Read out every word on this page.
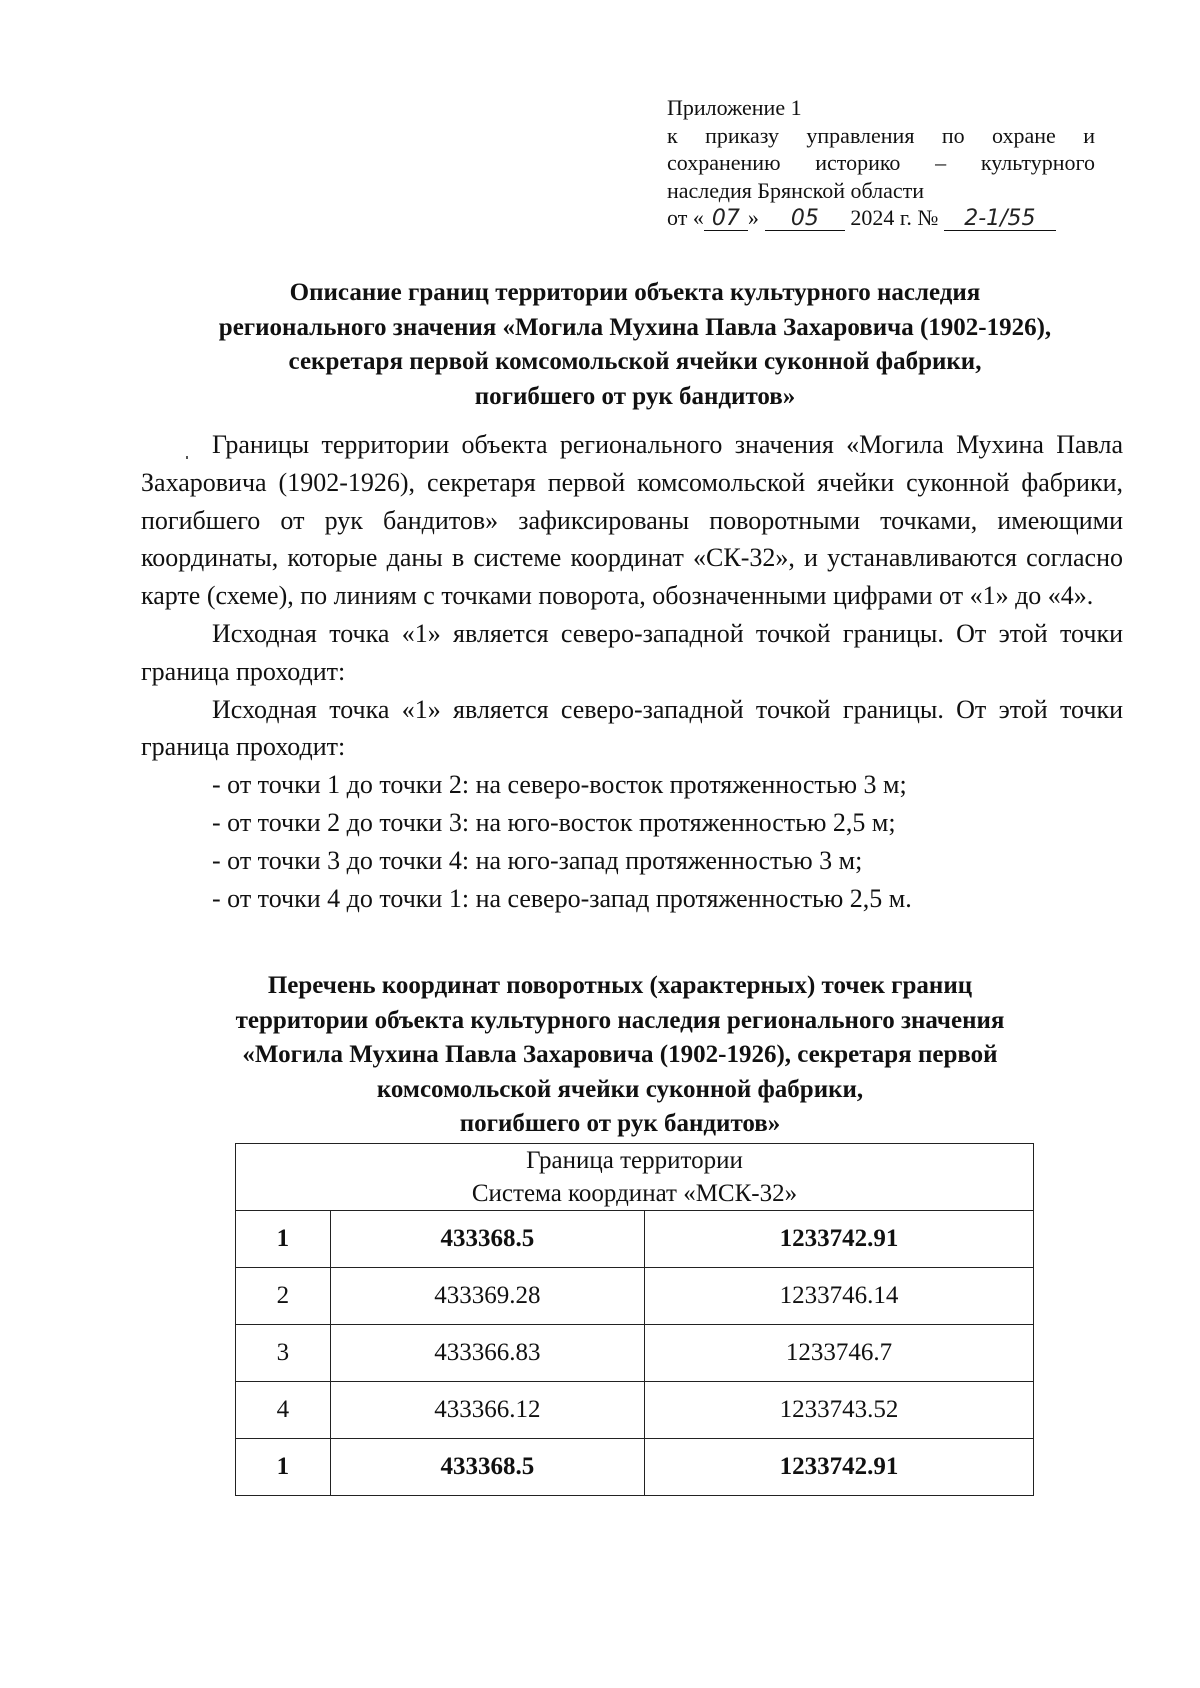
Приложение 1
к приказу управления по охране и
сохранению историко – культурного
наследия Брянской области
от « 07 » 05 2024 г. № 2-1/55
Описание границ территории объекта культурного наследия
регионального значения «Могила Мухина Павла Захаровича (1902-1926),
секретаря первой комсомольской ячейки суконной фабрики,
погибшего от рук бандитов»

Границы территории объекта регионального значения «Могила Мухина Павла Захаровича (1902-1926), секретаря первой комсомольской ячейки суконной фабрики, погибшего от рук бандитов» зафиксированы поворотными точками, имеющими координаты, которые даны в системе координат «СК-32», и устанавливаются согласно карте (схеме), по линиям с точками поворота, обозначенными цифрами от «1» до «4».

Исходная точка «1» является северо-западной точкой границы. От этой точки граница проходит:

Исходная точка «1» является северо-западной точкой границы. От этой точки граница проходит:

- от точки 1 до точки 2: на северо-восток протяженностью 3 м;

- от точки 2 до точки 3: на юго-восток протяженностью 2,5 м;

- от точки 3 до точки 4: на юго-запад протяженностью 3 м;

- от точки 4 до точки 1: на северо-запад протяженностью 2,5 м.

Перечень координат поворотных (характерных) точек границ
территории объекта культурного наследия регионального значения
«Могила Мухина Павла Захаровича (1902-1926), секретаря первой
комсомольской ячейки суконной фабрики,
погибшего от рук бандитов»
Граница территории
Система координат «МСК-32»		
1	433368.5	1233742.91
2	433369.28	1233746.14
3	433366.83	1233746.7
4	433366.12	1233743.52
1	433368.5	1233742.91
